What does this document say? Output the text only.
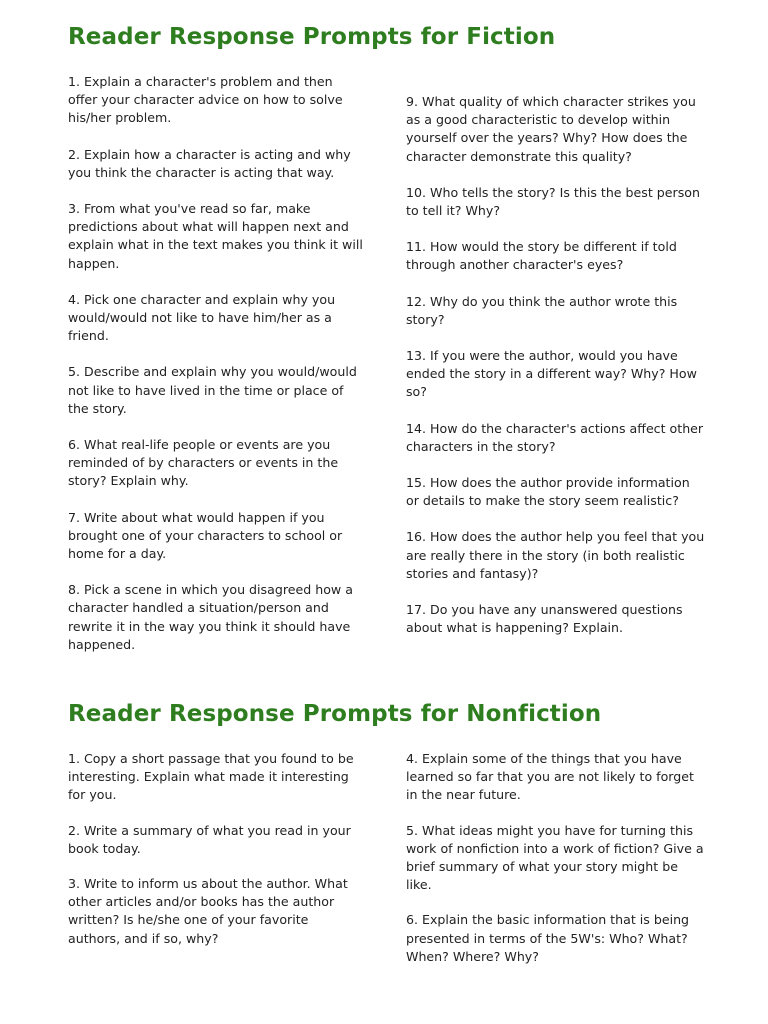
Reader Response Prompts for Fiction

1. Explain a character's problem and then offer your character advice on how to solve his/her problem.

2. Explain how a character is acting and why you think the character is acting that way.

3. From what you've read so far, make predictions about what will happen next and explain what in the text makes you think it will happen.

4. Pick one character and explain why you would/would not like to have him/her as a friend.

5. Describe and explain why you would/would not like to have lived in the time or place of the story.

6. What real-life people or events are you reminded of by characters or events in the story? Explain why.

7. Write about what would happen if you brought one of your characters to school or home for a day.

8. Pick a scene in which you disagreed how a character handled a situation/person and rewrite it in the way you think it should have happened.

9. What quality of which character strikes you as a good characteristic to develop within yourself over the years? Why? How does the character demonstrate this quality?

10. Who tells the story? Is this the best person to tell it? Why?

11. How would the story be different if told through another character's eyes?

12. Why do you think the author wrote this story?

13. If you were the author, would you have ended the story in a different way? Why? How so?

14. How do the character's actions affect other characters in the story?

15. How does the author provide information or details to make the story seem realistic?

16. How does the author help you feel that you are really there in the story (in both realistic stories and fantasy)?

17. Do you have any unanswered questions about what is happening? Explain.

Reader Response Prompts for Nonfiction

1. Copy a short passage that you found to be interesting. Explain what made it interesting for you.

2. Write a summary of what you read in your book today.

3. Write to inform us about the author. What other articles and/or books has the author written? Is he/she one of your favorite authors, and if so, why?

4. Explain some of the things that you have learned so far that you are not likely to forget in the near future.

5. What ideas might you have for turning this work of nonfiction into a work of fiction? Give a brief summary of what your story might be like.

6. Explain the basic information that is being presented in terms of the 5W's: Who? What? When? Where? Why?
